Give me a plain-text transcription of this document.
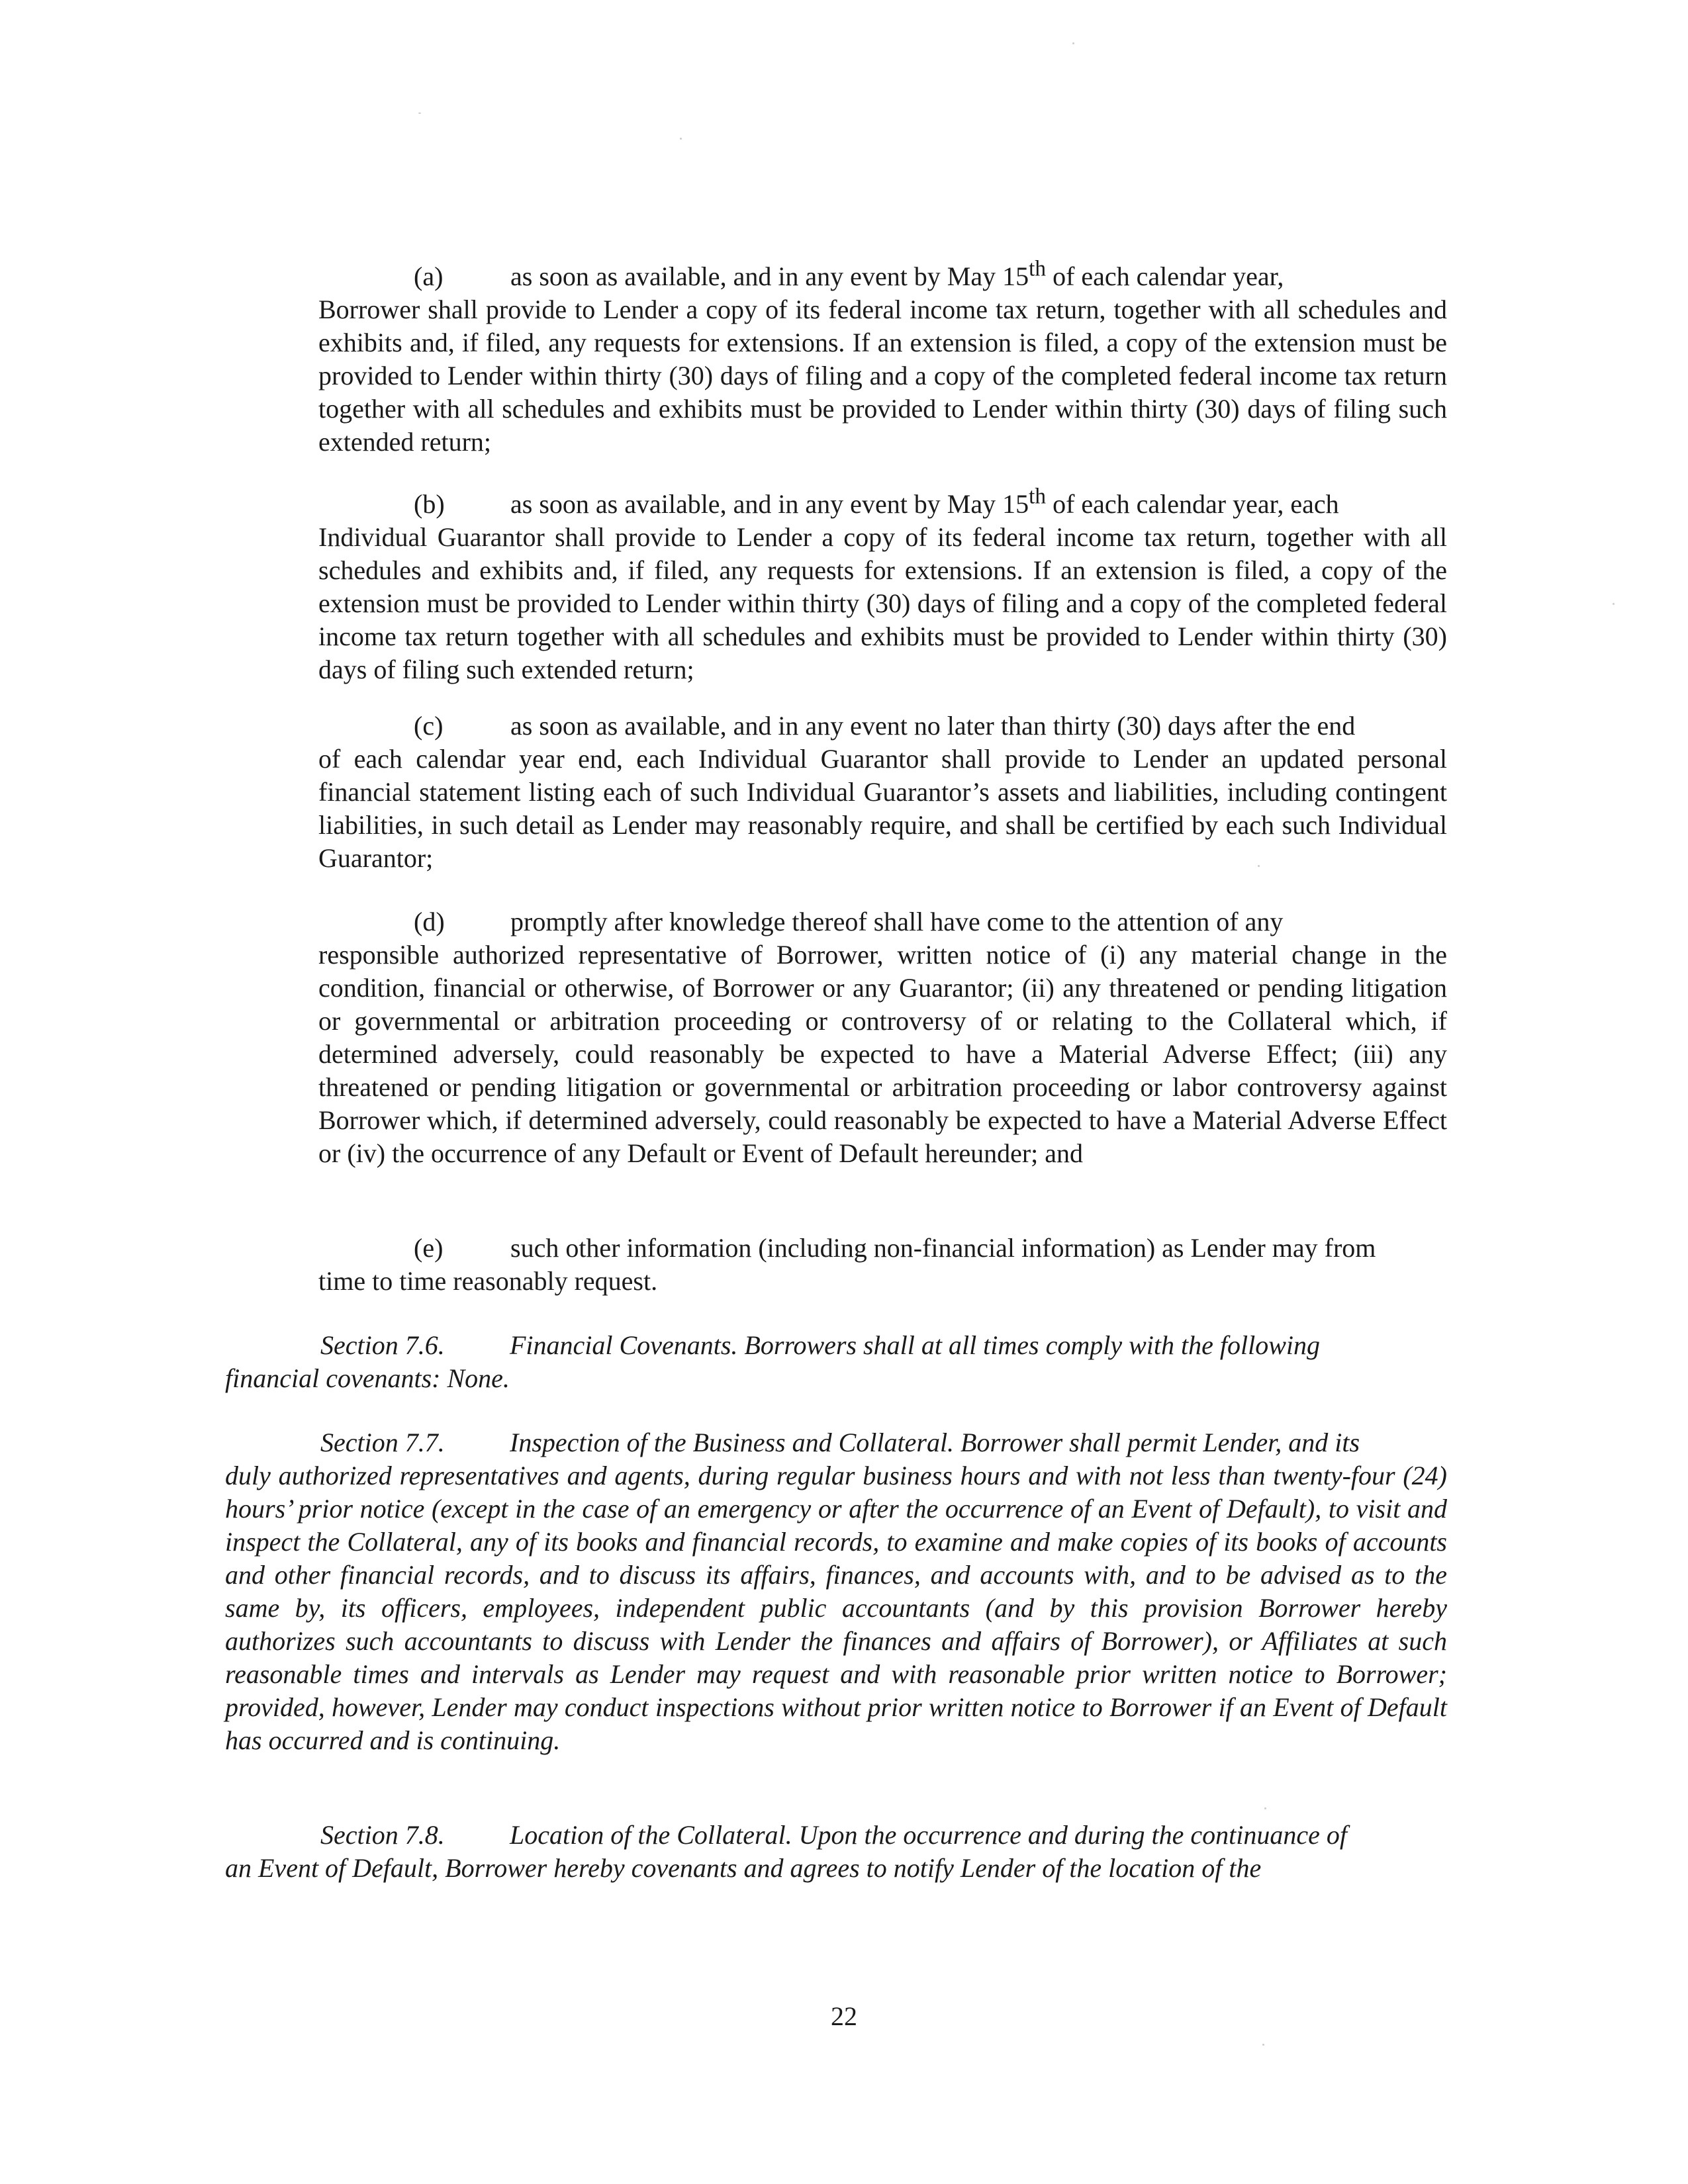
(a)	as soon as available, and in any event by May 15th of each calendar year,
Borrower shall provide to Lender a copy of its federal income tax return, together with all schedules and exhibits and, if filed, any requests for extensions. If an extension is filed, a copy of the extension must be provided to Lender within thirty (30) days of filing and a copy of the completed federal income tax return together with all schedules and exhibits must be provided to Lender within thirty (30) days of filing such extended return;
(b) as soon as available, and in any event by May 15th of each calendar year, each
Individual Guarantor shall provide to Lender a copy of its federal income tax return, together with all schedules and exhibits and, if filed, any requests for extensions. If an extension is filed, a copy of the extension must be provided to Lender within thirty (30) days of filing and a copy of the completed federal income tax return together with all schedules and exhibits must be provided to Lender within thirty (30) days of filing such extended return;
(c)	as soon as available, and in any event no later than thirty (30) days after the end
of each calendar year end, each Individual Guarantor shall provide to Lender an updated personal financial statement listing each of such Individual Guarantor’s assets and liabilities, including contingent liabilities, in such detail as Lender may reasonably require, and shall be certified by each such Individual Guarantor;
(d) promptly after knowledge thereof shall have come to the attention of any
responsible authorized representative of Borrower, written notice of (i) any material change in the condition, financial or otherwise, of Borrower or any Guarantor; (ii) any threatened or pending litigation or governmental or arbitration proceeding or controversy of or relating to the Collateral which, if determined adversely, could reasonably be expected to have a Material Adverse Effect; (iii) any threatened or pending litigation or governmental or arbitration proceeding or labor controversy against Borrower which, if determined adversely, could reasonably be expected to have a Material Adverse Effect or (iv) the occurrence of any Default or Event of Default hereunder; and
(e)	such other information (including non-financial information) as Lender may from
time to time reasonably request.
Section 7.6. Financial Covenants. Borrowers shall at all times comply with the following
financial covenants: None.
Section 7.7. Inspection of the Business and Collateral. Borrower shall permit Lender, and its
duly authorized representatives and agents, during regular business hours and with not less than twenty-four (24) hours’ prior notice (except in the case of an emergency or after the occurrence of an Event of Default), to visit and inspect the Collateral, any of its books and financial records, to examine and make copies of its books of accounts and other financial records, and to discuss its affairs, finances, and accounts with, and to be advised as to the same by, its officers, employees, independent public accountants (and by this provision Borrower hereby authorizes such accountants to discuss with Lender the finances and affairs of Borrower), or Affiliates at such reasonable times and intervals as Lender may request and with reasonable prior written notice to Borrower; provided, however, Lender may conduct inspections without prior written notice to Borrower if an Event of Default has occurred and is continuing.
Section 7.8. Location of the Collateral. Upon the occurrence and during the continuance of
an Event of Default, Borrower hereby covenants and agrees to notify Lender of the location of the
22
